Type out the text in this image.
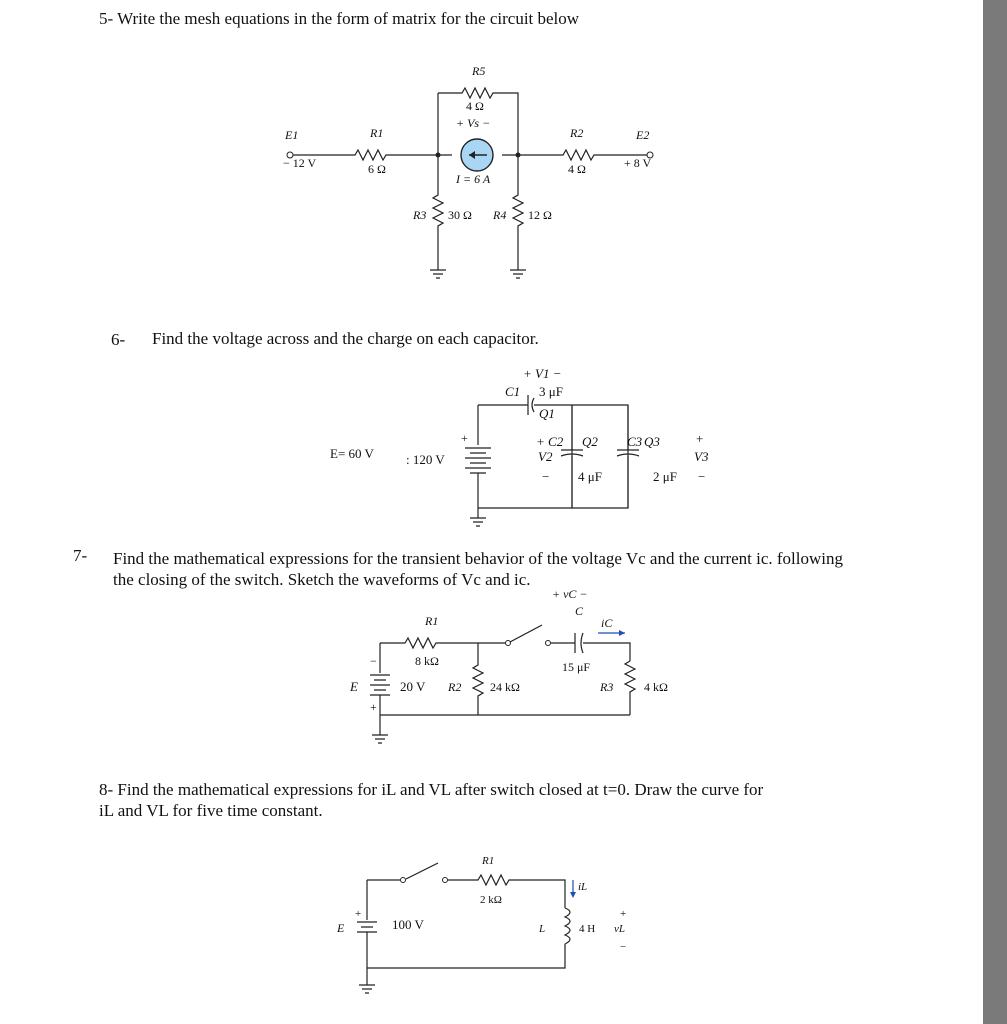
5- Write the mesh equations in the form of matrix for the circuit below
R5
4 Ω
+ Vs −
E1
− 12 V
R1
6 Ω
I = 6 A
R2
4 Ω
E2
+ 8 V
R3 30 Ω R4 12 Ω
6- Find the voltage across and the charge on each capacitor.
E= 60 V : 120 V
+
+ V1 −
C1 3 μF
Q1
+ C2 Q2
V2
− 4 μF
C3 Q3	+
V3
−
2 μF
7- Find the mathematical expressions for the transient behavior of the voltage Vc and the current ic. following
the closing of the switch. Sketch the waveforms of Vc and ic.
E	20 V
−
+
R1
8 kΩ
+ vC −
C
iC
15 μF
R2 24 kΩ	R3	4 kΩ
8- Find the mathematical expressions for iL and VL after switch closed at t=0. Draw the curve for
iL and VL for five time constant.
+
E	100 V
R1
2 kΩ
iL
L	4 H
+
vL
−
